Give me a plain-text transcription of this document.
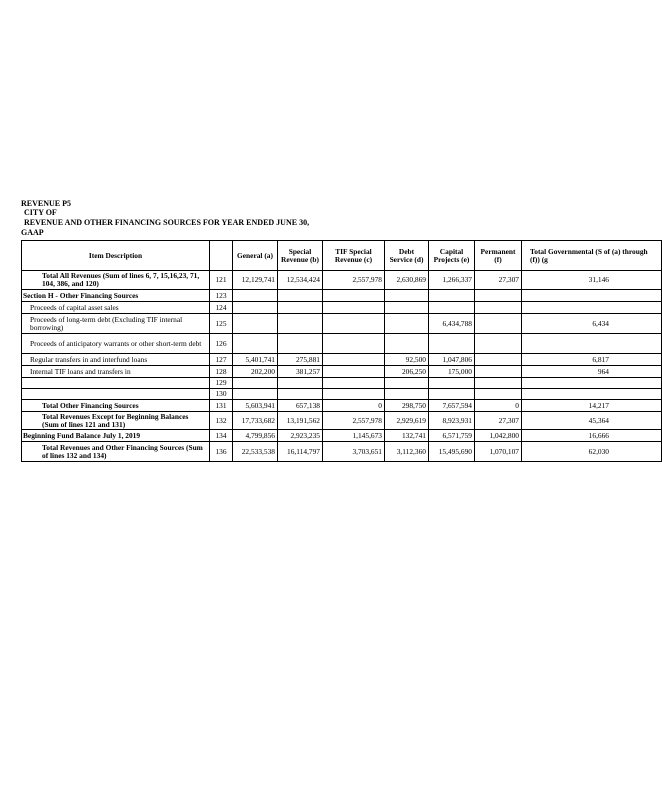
REVENUE P5
CITY OF
REVENUE AND OTHER FINANCING SOURCES FOR YEAR ENDED JUNE 30,
GAAP
Item Description		General (a)	Special Revenue (b)	TIF Special Revenue (c)	Debt Service (d)	Capital Projects (e)	Permanent (f)	Total Governmental (S of (a) through (f)) (g
Total All Revenues (Sum of lines 6, 7, 15,16,23, 71, 104, 386, and 120)	121	12,129,741	12,534,424	2,557,978	2,630,869	1,266,337	27,307	31,146
Section H - Other Financing Sources	123							
Proceeds of capital asset sales	124							
Proceeds of long-term debt (Excluding TIF internal borrowing)	125					6,434,788		6,434
Proceeds of anticipatory warrants or other short-term debt	126							
Regular transfers in and interfund loans	127	5,401,741	275,881		92,500	1,047,806		6,817
Internal TIF loans and transfers in	128	202,200	381,257		206,250	175,000		964
	129							
	130							
Total Other Financing Sources	131	5,603,941	657,138	0	298,750	7,657,594	0	14,217
Total Revenues Except for Beginning Balances (Sum of lines 121 and 131)	132	17,733,682	13,191,562	2,557,978	2,929,619	8,923,931	27,307	45,364
Beginning Fund Balance July 1, 2019	134	4,799,856	2,923,235	1,145,673	132,741	6,571,759	1,042,800	16,666
Total Revenues and Other Financing Sources (Sum of lines 132 and 134)	136	22,533,538	16,114,797	3,703,651	3,112,360	15,495,690	1,070,107	62,030
